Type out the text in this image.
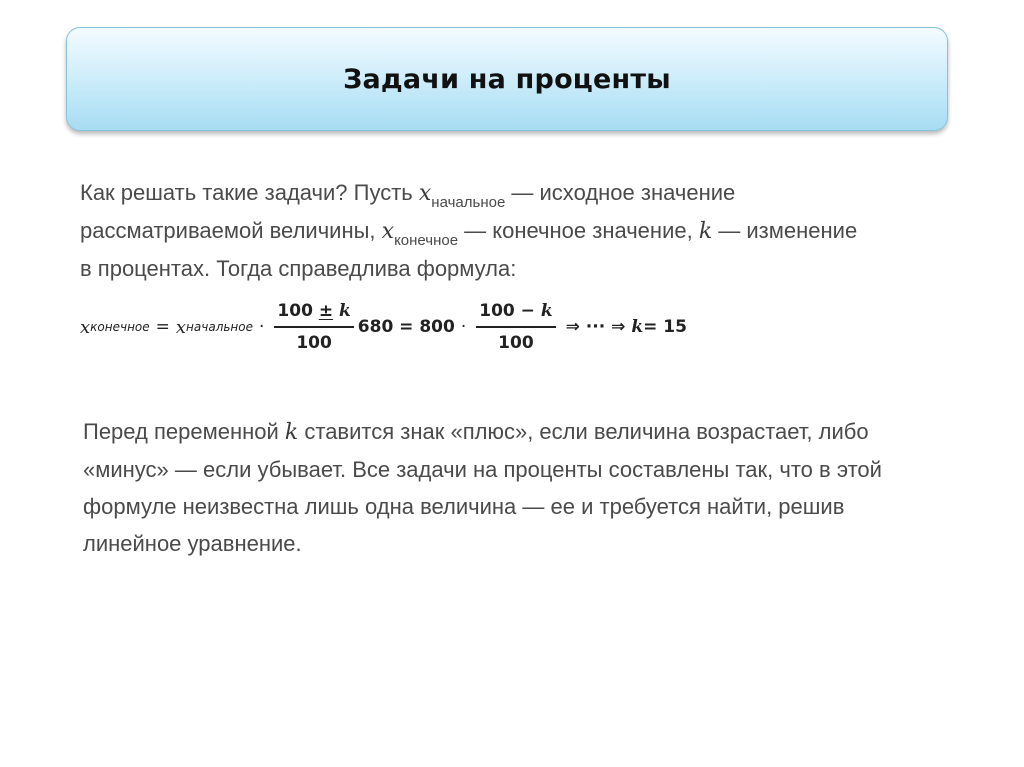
Задачи на проценты
Как решать такие задачи? Пусть $x_{начальное}$ — исходное значение
рассматриваемой величины, $x_{конечное}$ — конечное значение, k — изменение
в процентах. Тогда справедлива формула:
x конечное = x начальное · $\frac{100 \pm k}{100} 680 = 800 \cdot \frac{100 - k}{100}$ ⇒ ··· ⇒ k = 15
Перед переменной k ставится знак «плюс», если величина возрастает, либо
«минус» — если убывает. Все задачи на проценты составлены так, что в этой
формуле неизвестна лишь одна величина — ее и требуется найти, решив
линейное уравнение.
